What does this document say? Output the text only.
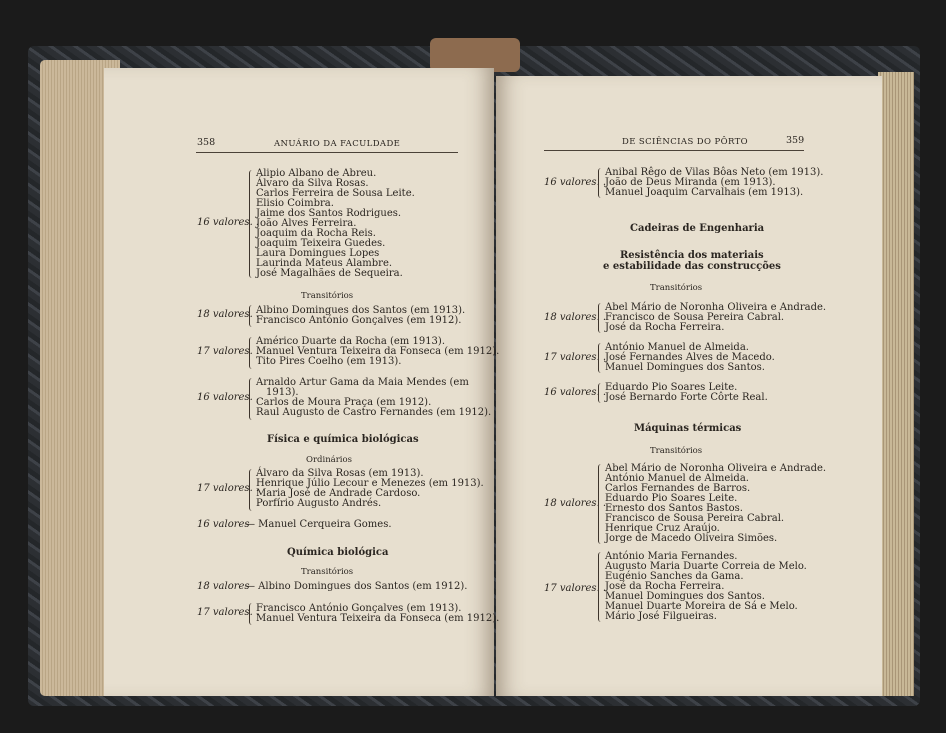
358	ANUÁRIO DA FACULDADE
16 valores. .
Alipio Albano de Abreu.
Álvaro da Silva Rosas.
Carlos Ferreira de Sousa Leite.
Elisio Coimbra.
Jaime dos Santos Rodrigues.
João Alves Ferreira.
Joaquim da Rocha Reis.
Joaquim Teixeira Guedes.
Laura Domingues Lopes
Laurinda Mateus Alambre.
José Magalhães de Sequeira.
Transitórios
18 valores. .
Albino Domingues dos Santos (em 1913).
Francisco António Gonçalves (em 1912).
17 valores. .
Américo Duarte da Rocha (em 1913).
Manuel Ventura Teixeira da Fonseca (em 1912).
Tito Pires Coelho (em 1913).
16 valores. .
Arnaldo Artur Gama da Maia Mendes (em
1913).
Carlos de Moura Praça (em 1912).
Raul Augusto de Castro Fernandes (em 1912).
Física e química biológicas
Ordinários
17 valores. .
Álvaro da Silva Rosas (em 1913).
Henrique Júlio Lecour e Menezes (em 1913).
Maria José de Andrade Cardoso.
Porfírio Augusto Andrés.
16 valores
— Manuel Cerqueira Gomes.
Química biológica
Transitórios
18 valores
— Albino Domingues dos Santos (em 1912).
17 valores. .
Francisco António Gonçalves (em 1913).
Manuel Ventura Teixeira da Fonseca (em 1912).
DE SCIÊNCIAS DO PÔRTO	359
16 valores. .
Anibal Rêgo de Vilas Bôas Neto (em 1913).
João de Deus Miranda (em 1913).
Manuel Joaquim Carvalhais (em 1913).
Cadeiras de Engenharia
Resistência dos materiais
e estabilidade das construcções
Transitórios
18 valores. .
Abel Mário de Noronha Oliveira e Andrade.
Francisco de Sousa Pereira Cabral.
José da Rocha Ferreira.
17 valores. .
António Manuel de Almeida.
José Fernandes Alves de Macedo.
Manuel Domingues dos Santos.
16 valores. .
Eduardo Pio Soares Leite.
José Bernardo Forte Côrte Real.
Máquinas térmicas
Transitórios
18 valores. .
Abel Mário de Noronha Oliveira e Andrade.
António Manuel de Almeida.
Carlos Fernandes de Barros.
Eduardo Pio Soares Leite.
Ernesto dos Santos Bastos.
Francisco de Sousa Pereira Cabral.
Henrique Cruz Araújo.
Jorge de Macedo Oliveira Simões.
17 valores. .
António Maria Fernandes.
Augusto Maria Duarte Correia de Melo.
Eugénio Sanches da Gama.
José da Rocha Ferreira.
Manuel Domingues dos Santos.
Manuel Duarte Moreira de Sá e Melo.
Mário José Filgueiras.
